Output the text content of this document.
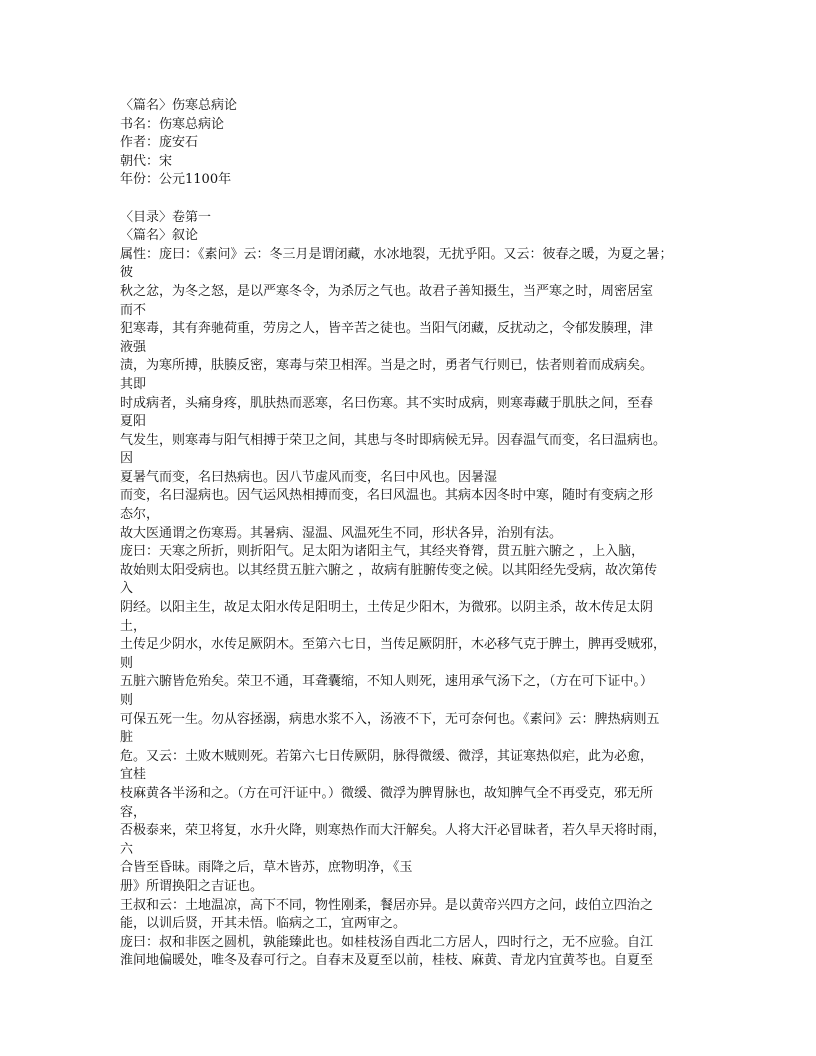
〈篇名〉伤寒总病论
书名：伤寒总病论
作者：庞安石
朝代：宋
年份：公元1100年
〈目录〉卷第一
〈篇名〉叙论
属性：庞曰：《素问》云：冬三月是谓闭藏，水冰地裂，无扰乎阳。又云：彼春之暖，为夏之暑；
彼
秋之忿，为冬之怒，是以严寒冬令，为杀厉之气也。故君子善知摄生，当严寒之时，周密居室
而不
犯寒毒，其有奔驰荷重，劳房之人，皆辛苦之徒也。当阳气闭藏，反扰动之，令郁发腠理，津
液强
渍，为寒所搏，肤腠反密，寒毒与荣卫相浑。当是之时，勇者气行则已，怯者则着而成病矣。
其即
时成病者，头痛身疼，肌肤热而恶寒，名曰伤寒。其不实时成病，则寒毒藏于肌肤之间，至春
夏阳
气发生，则寒毒与阳气相搏于荣卫之间，其患与冬时即病候无异。因春温气而变，名曰温病也。
因
夏暑气而变，名曰热病也。因八节虚风而变，名曰中风也。因暑湿
而变，名曰湿病也。因气运风热相搏而变，名曰风温也。其病本因冬时中寒，随时有变病之形
态尔，
故大医通谓之伤寒焉。其暑病、湿温、风温死生不同，形状各异，治别有法。
庞曰：天寒之所折，则折阳气。足太阳为诸阳主气，其经夹脊膂，贯五脏六腑之 ，上入脑，
故始则太阳受病也。以其经贯五脏六腑之 ，故病有脏腑传变之候。以其阳经先受病，故次第传
入
阴经。以阳主生，故足太阳水传足阳明土，土传足少阳木，为微邪。以阴主杀，故木传足太阴
土，
土传足少阴水，水传足厥阴木。至第六七日，当传足厥阴肝，木必移气克于脾土，脾再受贼邪，
则
五脏六腑皆危殆矣。荣卫不通，耳聋囊缩，不知人则死，速用承气汤下之，（方在可下证中。）
则
可保五死一生。勿从容拯溺，病患水浆不入，汤液不下，无可奈何也。《素问》云：脾热病则五
脏
危。又云：土败木贼则死。若第六七日传厥阴，脉得微缓、微浮，其证寒热似疟，此为必愈，
宜桂
枝麻黄各半汤和之。（方在可汗证中。）微缓、微浮为脾胃脉也，故知脾气全不再受克，邪无所
容，
否极泰来，荣卫将复，水升火降，则寒热作而大汗解矣。人将大汗必冒昧者，若久旱天将时雨，
六
合皆至昏昧。雨降之后，草木皆苏，庶物明净，《玉
册》所谓换阳之吉证也。
王叔和云：土地温凉，高下不同，物性刚柔，餐居亦异。是以黄帝兴四方之问，歧伯立四治之
能，以训后贤，开其未悟。临病之工，宜两审之。
庞曰：叔和非医之圆机，孰能臻此也。如桂枝汤自西北二方居人，四时行之，无不应验。自江
淮间地偏暖处，唯冬及春可行之。自春末及夏至以前，桂枝、麻黄、青龙内宜黄芩也。自夏至
